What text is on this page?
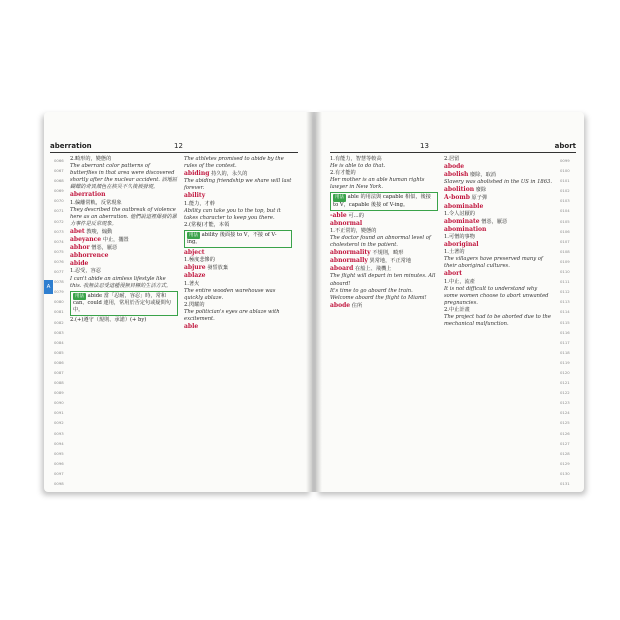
aberration	12
A
0066
0067
0068
0069
0070
0071
0072
0073
0074
0075
0076
0077
0078
0079
0080
0081
0082
0083
0084
0085
0086
0087
0088
0089
0090
0091
0092
0093
0094
0095
0096
0097
0098

2.畸形的，變態的

The aberrant color patterns of butterflies in that area were discovered shortly after the nuclear accident. 該地區蝴蝶的奇異顏色在核災不久後被發現。

aberration

1.偏離常軌，反常現象

They described the outbreak of violence here as an aberration. 他們說這裡爆發的暴力事件是反常現象。

abet 教唆，煽動

abeyance 中止，擱置

abhor 憎惡，厭惡

abhorrence

abide

1.忍受，容忍

I can't abide an aimless lifestyle like this. 我無法忍受這種漫無目標的生活方式。

用法 abide 當「忍耐，容忍」時，常和 can、could 連用，常用於否定句或疑問句中。

2.(+)遵守（規則、承諾）(+ by)

The athletes promised to abide by the rules of the contest.

abiding 持久的，永久的

The abiding friendship we share will last forever.

ability

1.能力，才幹

Ability can take you to the top, but it takes character to keep you there.

2.(常複)才能，本領

用法 ability 後面接 to V，不接 of V-ing。

abject

1.極度悲慘的

abjure 發誓放棄

ablaze

1.著火

The entire wooden warehouse was quickly ablaze.

2.閃耀的

The politician's eyes are ablaze with excitement.

able

13	abort

1.有能力，智慧等較高

He is able to do that.

2.有才能的

Her mother is an able human rights lawyer in New York.

用法 able 的用法與 capable 相似，後接 to V，capable 後接 of V-ing。

-able 可…的

abnormal

1.不正常的，變態的

The doctor found an abnormal level of cholesterol in the patient.

abnormality 不規則，畸形

abnormally 異常地，不正常地

aboard 在船上、飛機上

The flight will depart in ten minutes. All aboard!

It's time to go aboard the train.

Welcome aboard the flight to Miami!

abode 住所

2.居留

abode

abolish 廢除，取消

Slavery was abolished in the US in 1863.

abolition 廢除

A-bomb 原子彈

abominable

1.令人討厭的

abominate 憎惡，厭惡

abomination

1.可憎的事物

aboriginal

1.土著的

The villagers have preserved many of their aboriginal cultures.

abort

1.中止，流產

It is not difficult to understand why some women choose to abort unwanted pregnancies.

2.中止計畫

The project had to be aborted due to the mechanical malfunction.

0099
0100
0101
0102
0103
0104
0105
0106
0107
0108
0109
0110
0111
0112
0113
0114
0115
0116
0117
0118
0119
0120
0121
0122
0123
0124
0125
0126
0127
0128
0129
0130
0131
